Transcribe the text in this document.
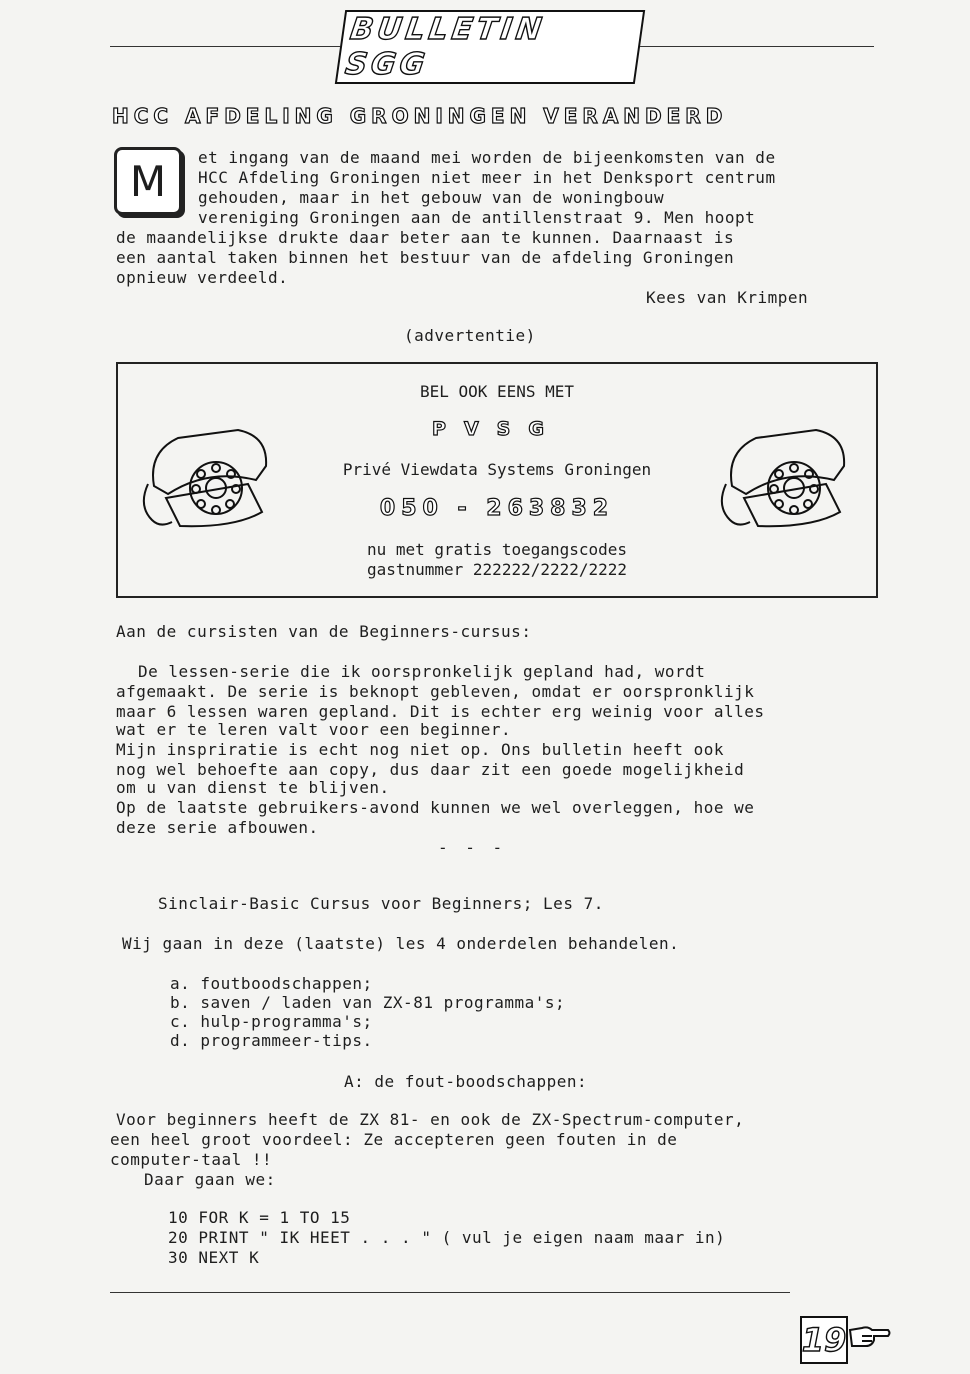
BULLETIN SGG
HCC AFDELING GRONINGEN VERANDERD
M	et ingang van de maand mei worden de bijeenkomsten van de
HCC Afdeling Groningen niet meer in het Denksport centrum
gehouden, maar in het gebouw van de woningbouw
vereniging Groningen aan de antillenstraat 9. Men hoopt
de maandelijkse drukte daar beter aan te kunnen. Daarnaast is
een aantal taken binnen het bestuur van de afdeling Groningen
opnieuw verdeeld.
Kees van Krimpen
(advertentie)
BEL OOK EENS MET
PVSG
Privé Viewdata Systems Groningen
050 - 263832
nu met gratis toegangscodes
gastnummer 222222/2222/2222
Aan de cursisten van de Beginners-cursus:
De lessen-serie die ik oorspronkelijk gepland had, wordt
afgemaakt. De serie is beknopt gebleven, omdat er oorspronklijk
maar 6 lessen waren gepland. Dit is echter erg weinig voor alles
wat er te leren valt voor een beginner.
Mijn inspriratie is echt nog niet op. Ons bulletin heeft ook
nog wel behoefte aan copy, dus daar zit een goede mogelijkheid
om u van dienst te blijven.
Op de laatste gebruikers-avond kunnen we wel overleggen, hoe we
deze serie afbouwen.
- - -
Sinclair-Basic Cursus voor Beginners; Les 7.
Wij gaan in deze (laatste) les 4 onderdelen behandelen.
a. foutboodschappen;
b. saven / laden van ZX-81 programma's;
c. hulp-programma's;
d. programmeer-tips.
A: de fout-boodschappen:
Voor beginners heeft de ZX 81- en ook de ZX-Spectrum-computer,
een heel groot voordeel: Ze accepteren geen fouten in de
computer-taal !!
Daar gaan we:
10 FOR K = 1 TO 15
20 PRINT " IK HEET . . . " ( vul je eigen naam maar in)
30 NEXT K
19
